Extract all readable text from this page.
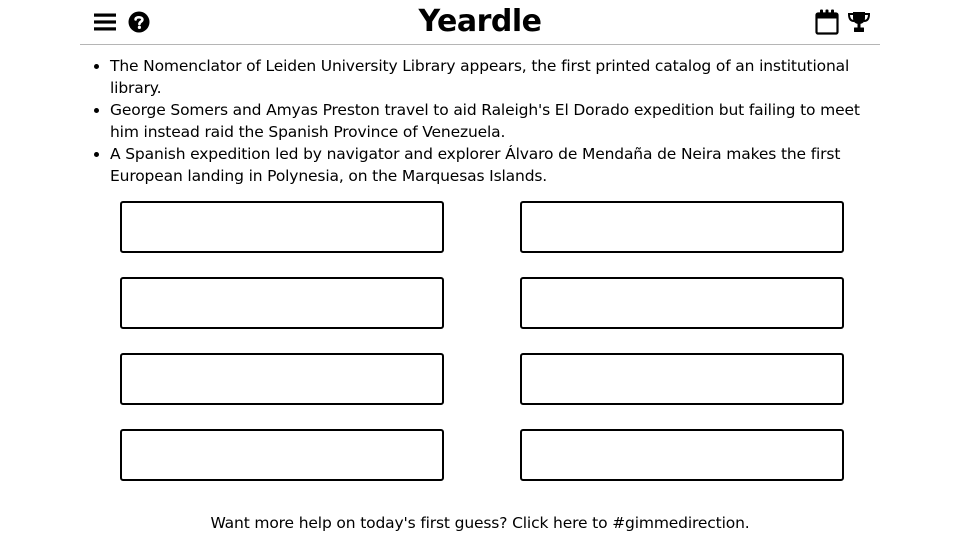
Yeardle
• The Nomenclator of Leiden University Library appears, the first printed catalog of an institutional library.
• George Somers and Amyas Preston travel to aid Raleigh's El Dorado expedition but failing to meet him instead raid the Spanish Province of Venezuela.
• A Spanish expedition led by navigator and explorer Álvaro de Mendaña de Neira makes the first European landing in Polynesia, on the Marquesas Islands.
Want more help on today's first guess? Click here to #gimmedirection.
